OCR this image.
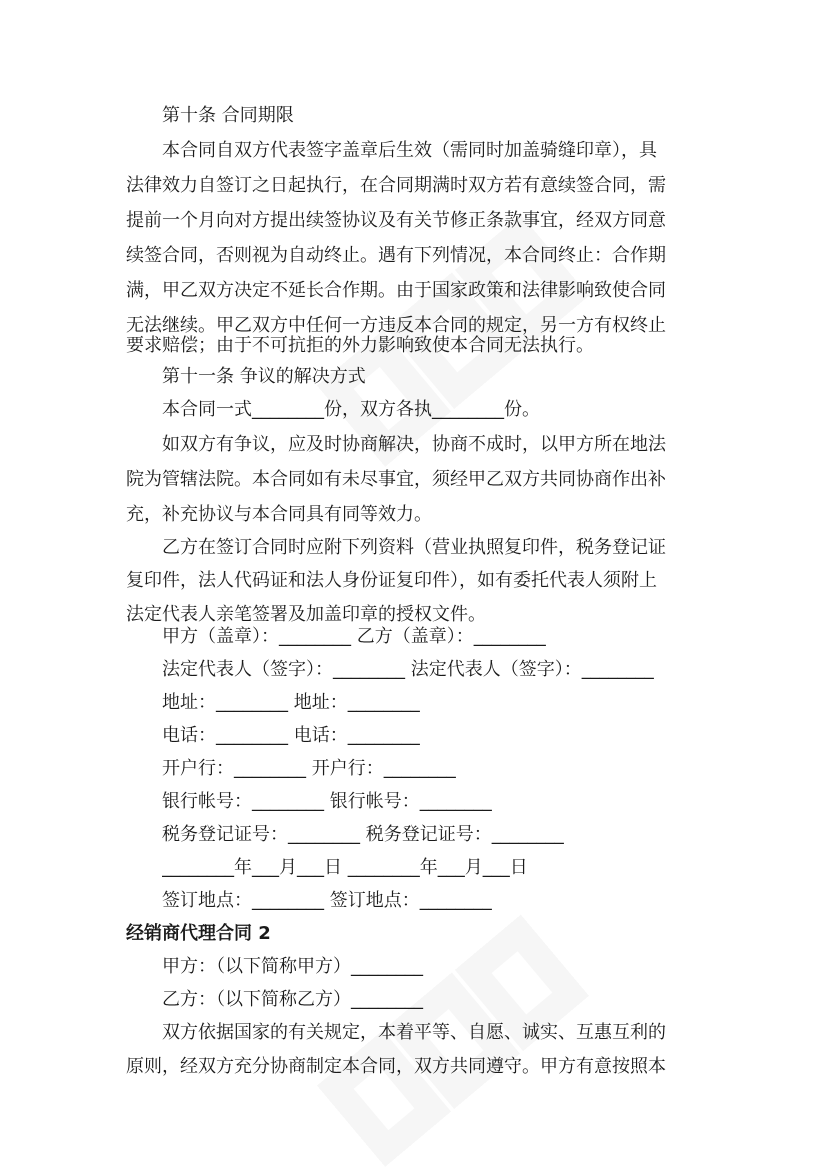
第十条 合同期限
本合同自双方代表签字盖章后生效（需同时加盖骑缝印章），具
法律效力自签订之日起执行，在合同期满时双方若有意续签合同，需
提前一个月向对方提出续签协议及有关节修正条款事宜，经双方同意
续签合同，否则视为自动终止。遇有下列情况，本合同终止：合作期
满，甲乙双方决定不延长合作期。由于国家政策和法律影响致使合同
无法继续。甲乙双方中任何一方违反本合同的规定，另一方有权终止
要求赔偿；由于不可抗拒的外力影响致使本合同无法执行。
第十一条 争议的解决方式
本合同一式________份，双方各执________份。
如双方有争议，应及时协商解决，协商不成时，以甲方所在地法
院为管辖法院。本合同如有未尽事宜，须经甲乙双方共同协商作出补
充，补充协议与本合同具有同等效力。
乙方在签订合同时应附下列资料（营业执照复印件，税务登记证
复印件，法人代码证和法人身份证复印件），如有委托代表人须附上
法定代表人亲笔签署及加盖印章的授权文件。
甲方（盖章）：________ 乙方（盖章）：________
法定代表人（签字）：________ 法定代表人（签字）：________
地址：________ 地址：________
电话：________ 电话：________
开户行：________ 开户行：________
银行帐号：________ 银行帐号：________
税务登记证号：________ 税务登记证号：________
________年___月___日 ________年___月___日
签订地点：________ 签订地点：________
经销商代理合同 2
甲方：（以下简称甲方）________
乙方：（以下简称乙方）________
双方依据国家的有关规定，本着平等、自愿、诚实、互惠互利的
原则，经双方充分协商制定本合同，双方共同遵守。甲方有意按照本
